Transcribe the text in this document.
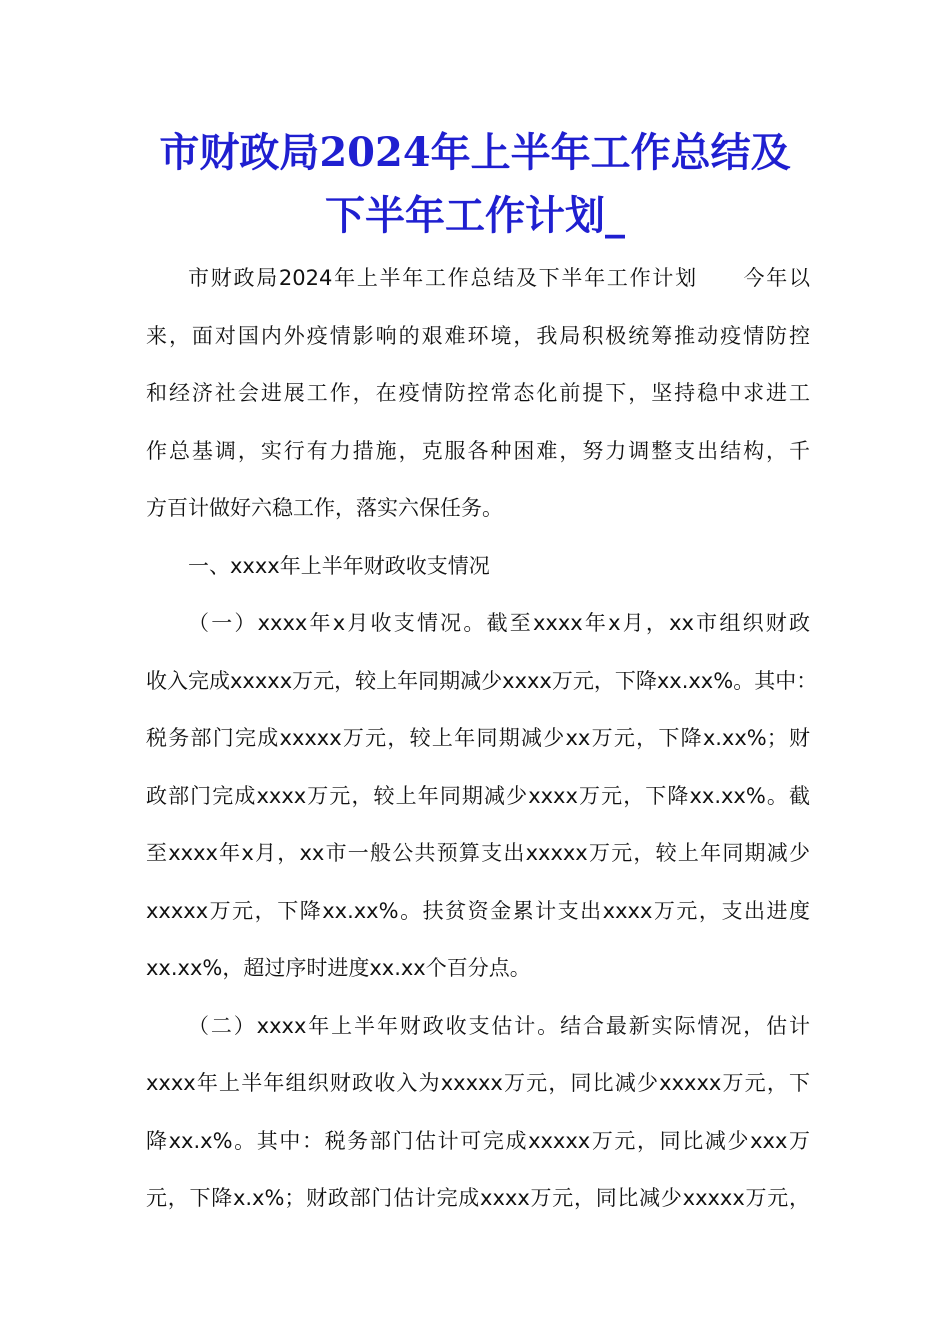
市财政局2024年上半年工作总结及
下半年工作计划_
市财政局2024年上半年工作总结及下半年工作计划 今年以
来，面对国内外疫情影响的艰难环境，我局积极统筹推动疫情防控
和经济社会进展工作，在疫情防控常态化前提下，坚持稳中求进工
作总基调，实行有力措施，克服各种困难，努力调整支出结构，千
方百计做好六稳工作，落实六保任务。
一、xxxx年上半年财政收支情况
（一）xxxx年x月收支情况。截至xxxx年x月，xx市组织财政
收入完成xxxxx万元，较上年同期减少xxxx万元，下降xx.xx%。其中：
税务部门完成xxxxx万元，较上年同期减少xx万元，下降x.xx%；财
政部门完成xxxx万元，较上年同期减少xxxx万元，下降xx.xx%。截
至xxxx年x月，xx市一般公共预算支出xxxxx万元，较上年同期减少
xxxxx万元，下降xx.xx%。扶贫资金累计支出xxxx万元，支出进度
xx.xx%，超过序时进度xx.xx个百分点。
（二）xxxx年上半年财政收支估计。结合最新实际情况，估计
xxxx年上半年组织财政收入为xxxxx万元，同比减少xxxxx万元，下
降xx.x%。其中：税务部门估计可完成xxxxx万元，同比减少xxx万
元，下降x.x%；财政部门估计完成xxxx万元，同比减少xxxxx万元，
